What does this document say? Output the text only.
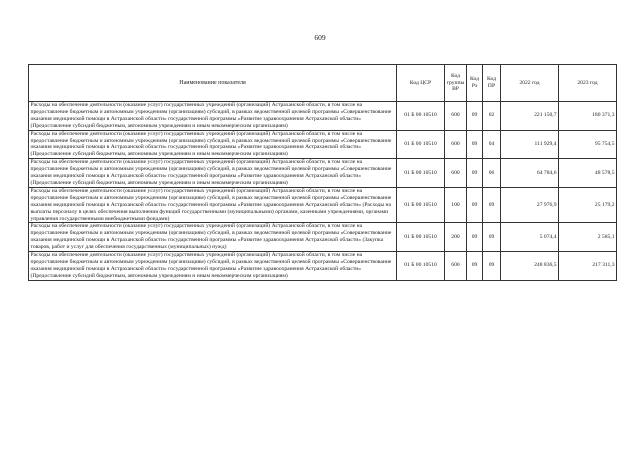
609
Наименование показателя	Код ЦСР	Код группы ВР	Код Рз	Код ПР	2022 год	2023 год
Расходы на обеспечение деятельности (оказание услуг) государственных учреждений (организаций) Астраханской области, в том числе на предоставление бюджетным и автономным учреждениям (организациям) субсидий, в рамках ведомственной целевой программы «Совершенствование оказания медицинской помощи в Астраханской области» государственной программы «Развитие здравоохранения Астраханской области» (Предоставление субсидий бюджетным, автономным учреждениям и иным некоммерческим организациям)	01 Б 00 10510	600	09	02	221 150,7	180 371,3
Расходы на обеспечение деятельности (оказание услуг) государственных учреждений (организаций) Астраханской области, в том числе на предоставление бюджетным и автономным учреждениям (организациям) субсидий, в рамках ведомственной целевой программы «Совершенствование оказания медицинской помощи в Астраханской области» государственной программы «Развитие здравоохранения Астраханской области» (Предоставление субсидий бюджетным, автономным учреждениям и иным некоммерческим организациям)	01 Б 00 10510	600	09	04	111 929,4	95 754,5
Расходы на обеспечение деятельности (оказание услуг) государственных учреждений (организаций) Астраханской области, в том числе на предоставление бюджетным и автономным учреждениям (организациям) субсидий, в рамках ведомственной целевой программы «Совершенствование оказания медицинской помощи в Астраханской области» государственной программы «Развитие здравоохранения Астраханской области» (Предоставление субсидий бюджетным, автономным учреждениям и иным некоммерческим организациям)	01 Б 00 10510	600	09	06	64 784,6	48 578,5
Расходы на обеспечение деятельности (оказание услуг) государственных учреждений (организаций) Астраханской области, в том числе на предоставление бюджетным и автономным учреждениям (организациям) субсидий, в рамках ведомственной целевой программы «Совершенствование оказания медицинской помощи в Астраханской области» государственной программы «Развитие здравоохранения Астраханской области» (Расходы на выплаты персоналу в целях обеспечения выполнения функций государственными (муниципальными) органами, казенными учреждениями, органами управления государственными внебюджетными фондами)	01 Б 00 10510	100	09	09	27 976,9	25 179,2
Расходы на обеспечение деятельности (оказание услуг) государственных учреждений (организаций) Астраханской области, в том числе на предоставление бюджетным и автономным учреждениям (организациям) субсидий, в рамках ведомственной целевой программы «Совершенствование оказания медицинской помощи в Астраханской области» государственной программы «Развитие здравоохранения Астраханской области» (Закупка товаров, работ и услуг для обеспечения государственных (муниципальных) нужд)	01 Б 00 10510	200	09	09	5 074,4	2 585,1
Расходы на обеспечение деятельности (оказание услуг) государственных учреждений (организаций) Астраханской области, в том числе на предоставление бюджетным и автономным учреждениям (организациям) субсидий, в рамках ведомственной целевой программы «Совершенствование оказания медицинской помощи в Астраханской области» государственной программы «Развитие здравоохранения Астраханской области» (Предоставление субсидий бюджетным, автономным учреждениям и иным некоммерческим организациям)	01 Б 00 10510	600	09	09	248 836,5	217 311,3
